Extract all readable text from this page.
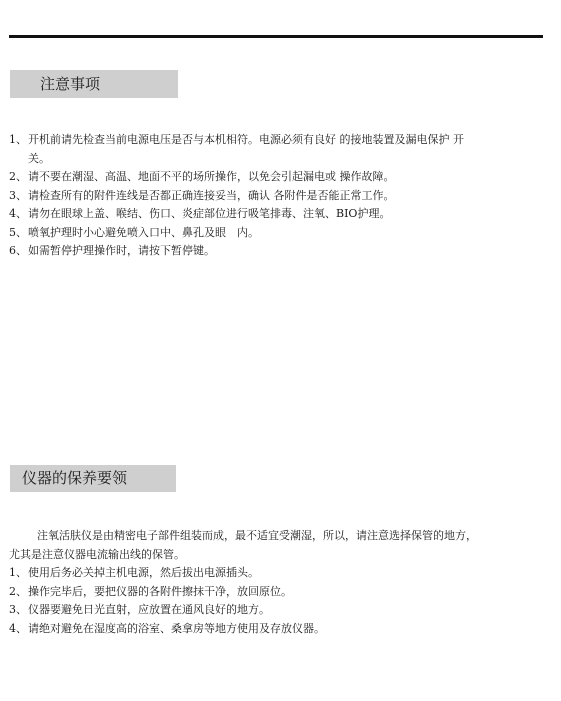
注意事项
1、 开机前请先检查当前电源电压是否与本机相符。电源必须有良好 的接地装置及漏电保护 开
关。
2、 请不要在潮湿、高温、地面不平的场所操作，以免会引起漏电或 操作故障。
3、 请检查所有的附件连线是否都正确连接妥当，确认 各附件是否能正常工作。
4、 请勿在眼球上盖、喉结、伤口、炎症部位进行吸笔排毒、注氧、BIO护理。
5、 喷氧护理时小心避免喷入口中、鼻孔及眼　内。
6、 如需暂停护理操作时，请按下暂停键。
仪器的保养要领

注氧活肤仪是由精密电子部件组装而成，最不适宜受潮湿，所以，请注意选择保管的地方，
尤其是注意仪器电流输出线的保管。

1、 使用后务必关掉主机电源，然后拔出电源插头。
2、 操作完毕后，要把仪器的各附件擦抹干净，放回原位。
3、 仪器要避免日光直射，应放置在通风良好的地方。
4、 请绝对避免在湿度高的浴室、桑拿房等地方使用及存放仪器。
